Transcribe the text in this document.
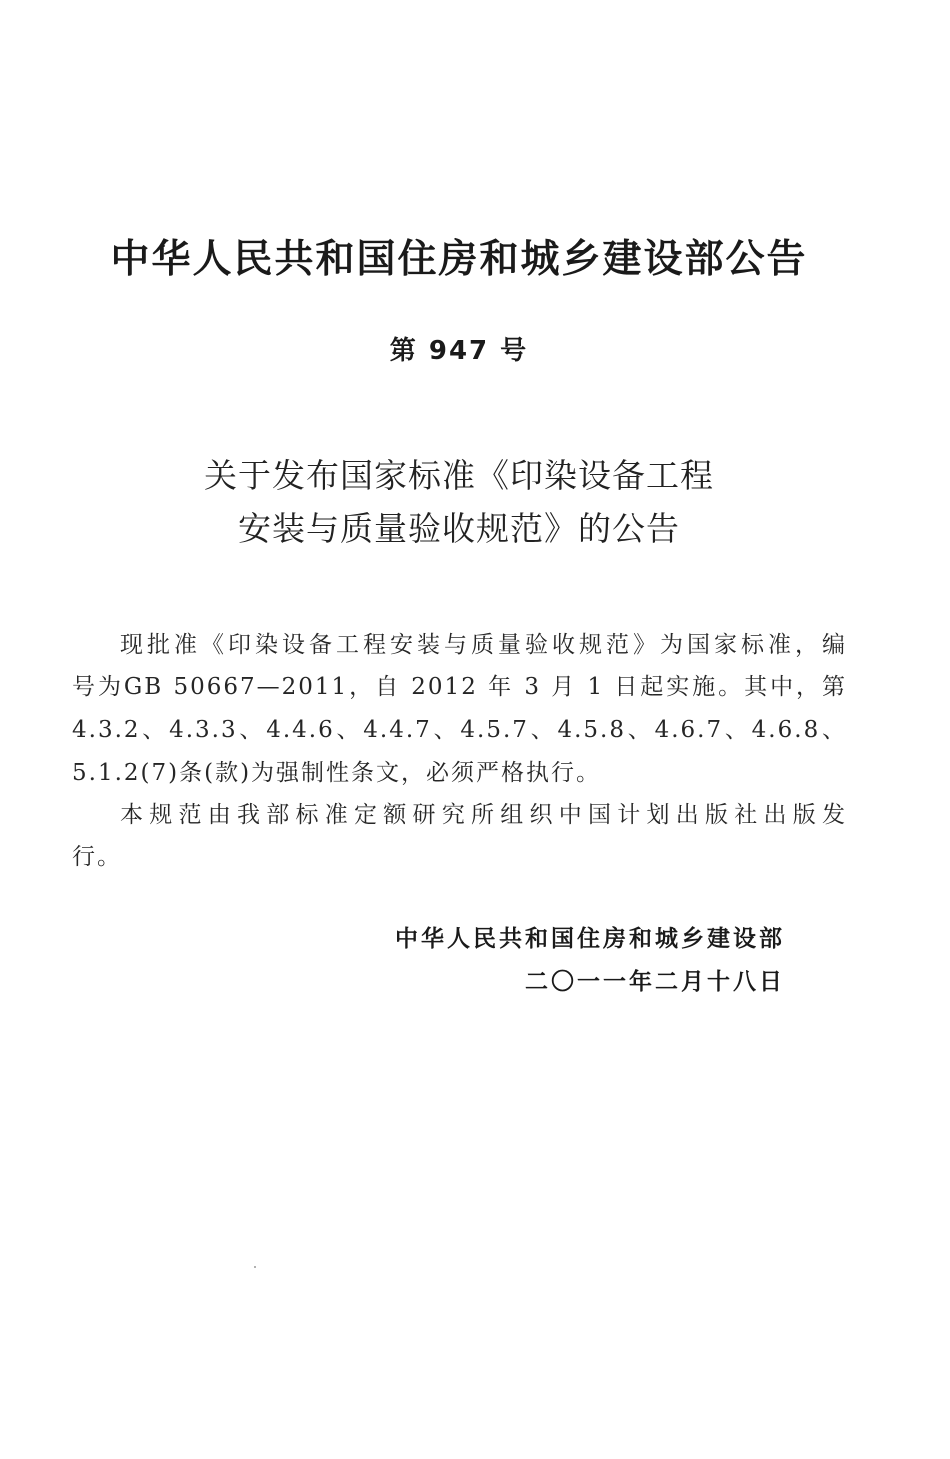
中华人民共和国住房和城乡建设部公告
第 947 号
关于发布国家标准《印染设备工程
安装与质量验收规范》的公告
现批准《印染设备工程安装与质量验收规范》为国家标准，编
号为GB 50667—2011，自 2012 年 3 月 1 日起实施。其中，第
4.3.2、4.3.3、4.4.6、4.4.7、4.5.7、4.5.8、4.6.7、4.6.8、
5.1.2(7)条(款)为强制性条文，必须严格执行。
本规范由我部标准定额研究所组织中国计划出版社出版发
行。
中华人民共和国住房和城乡建设部
二〇一一年二月十八日
